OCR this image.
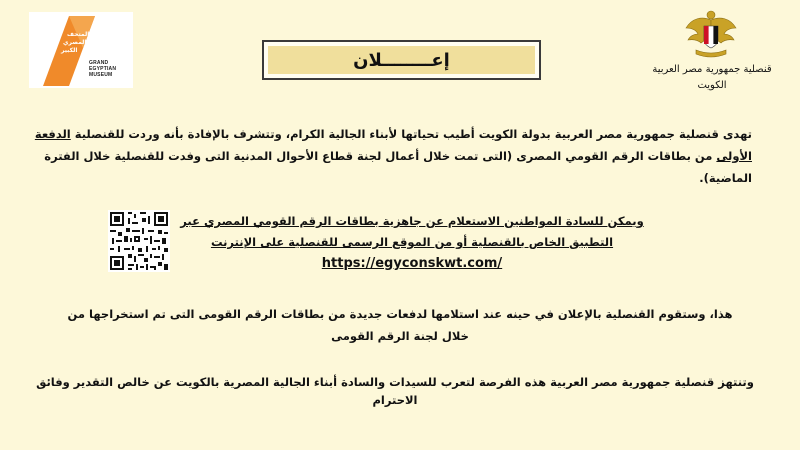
المتحف
المصري
الكبير
GRAND
EGYPTIAN
MUSEUM	قنصلية جمهورية مصر العربية
الكويت
إعــــــــلان
تهدى قنصلية جمهورية مصر العربية بدولة الكويت أطيب تحياتها لأبناء الجالية الكرام، وتتشرف بالإفادة بأنه وردت للقنصلية الدفعة الأولى من بطاقات الرقم القومي المصرى (التى تمت خلال أعمال لجنة قطاع الأحوال المدنية التى وفدت للقنصلية خلال الفترة الماضية).
ويمكن للسادة المواطنين الاستعلام عن جاهزية بطاقات الرقم القومي المصري عبر
التطبيق الخاص بالقنصلية أو من الموقع الرسمى للقنصلية على الإنترنت
https://egyconskwt.com/
هذا، وستقوم القنصلية بالإعلان في حينه عند استلامها لدفعات جديدة من بطاقات الرقم القومى التى تم استخراجها من خلال لجنة الرقم القومى
وتنتهز قنصلية جمهورية مصر العربية هذه الفرصة لتعرب للسيدات والسادة أبناء الجالية المصرية بالكويت عن خالص التقدير وفائق الاحترام
